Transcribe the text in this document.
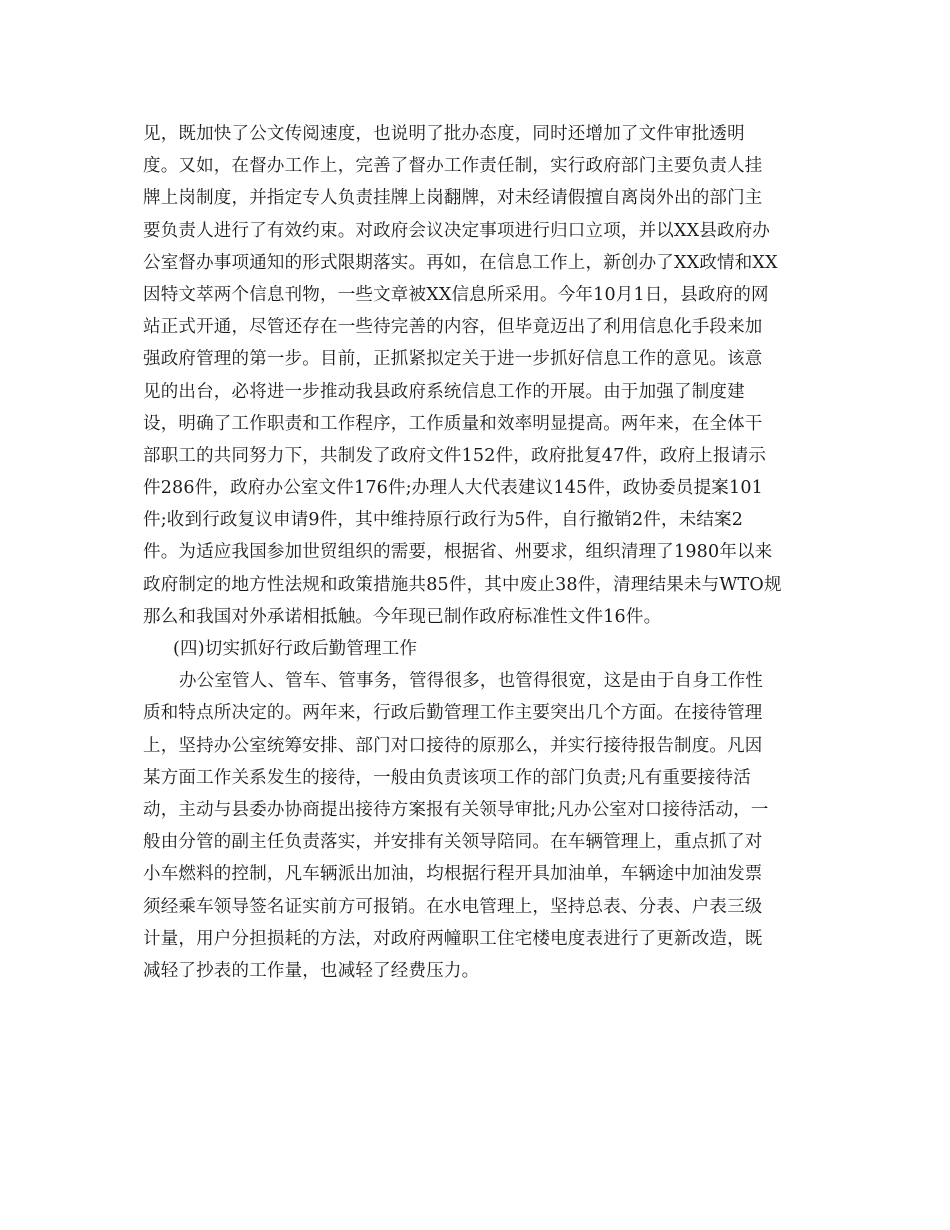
见，既加快了公文传阅速度，也说明了批办态度，同时还增加了文件审批透明
度。又如，在督办工作上，完善了督办工作责任制，实行政府部门主要负责人挂
牌上岗制度，并指定专人负责挂牌上岗翻牌，对未经请假擅自离岗外出的部门主
要负责人进行了有效约束。对政府会议决定事项进行归口立项，并以XX县政府办
公室督办事项通知的形式限期落实。再如，在信息工作上，新创办了XX政情和XX
因特文萃两个信息刊物，一些文章被XX信息所采用。今年10月1日，县政府的网
站正式开通，尽管还存在一些待完善的内容，但毕竟迈出了利用信息化手段来加
强政府管理的第一步。目前，正抓紧拟定关于进一步抓好信息工作的意见。该意
见的出台，必将进一步推动我县政府系统信息工作的开展。由于加强了制度建
设，明确了工作职责和工作程序，工作质量和效率明显提高。两年来，在全体干
部职工的共同努力下，共制发了政府文件152件，政府批复47件，政府上报请示
件286件，政府办公室文件176件;办理人大代表建议145件，政协委员提案101
件;收到行政复议申请9件，其中维持原行政行为5件，自行撤销2件，未结案2
件。为适应我国参加世贸组织的需要，根据省、州要求，组织清理了1980年以来
政府制定的地方性法规和政策措施共85件，其中废止38件，清理结果未与WTO规
那么和我国对外承诺相抵触。今年现已制作政府标准性文件16件。
(四)切实抓好行政后勤管理工作
办公室管人、管车、管事务，管得很多，也管得很宽，这是由于自身工作性
质和特点所决定的。两年来，行政后勤管理工作主要突出几个方面。在接待管理
上，坚持办公室统筹安排、部门对口接待的原那么，并实行接待报告制度。凡因
某方面工作关系发生的接待，一般由负责该项工作的部门负责;凡有重要接待活
动，主动与县委办协商提出接待方案报有关领导审批;凡办公室对口接待活动，一
般由分管的副主任负责落实，并安排有关领导陪同。在车辆管理上，重点抓了对
小车燃料的控制，凡车辆派出加油，均根据行程开具加油单，车辆途中加油发票
须经乘车领导签名证实前方可报销。在水电管理上，坚持总表、分表、户表三级
计量，用户分担损耗的方法，对政府两幢职工住宅楼电度表进行了更新改造，既
减轻了抄表的工作量，也减轻了经费压力。
